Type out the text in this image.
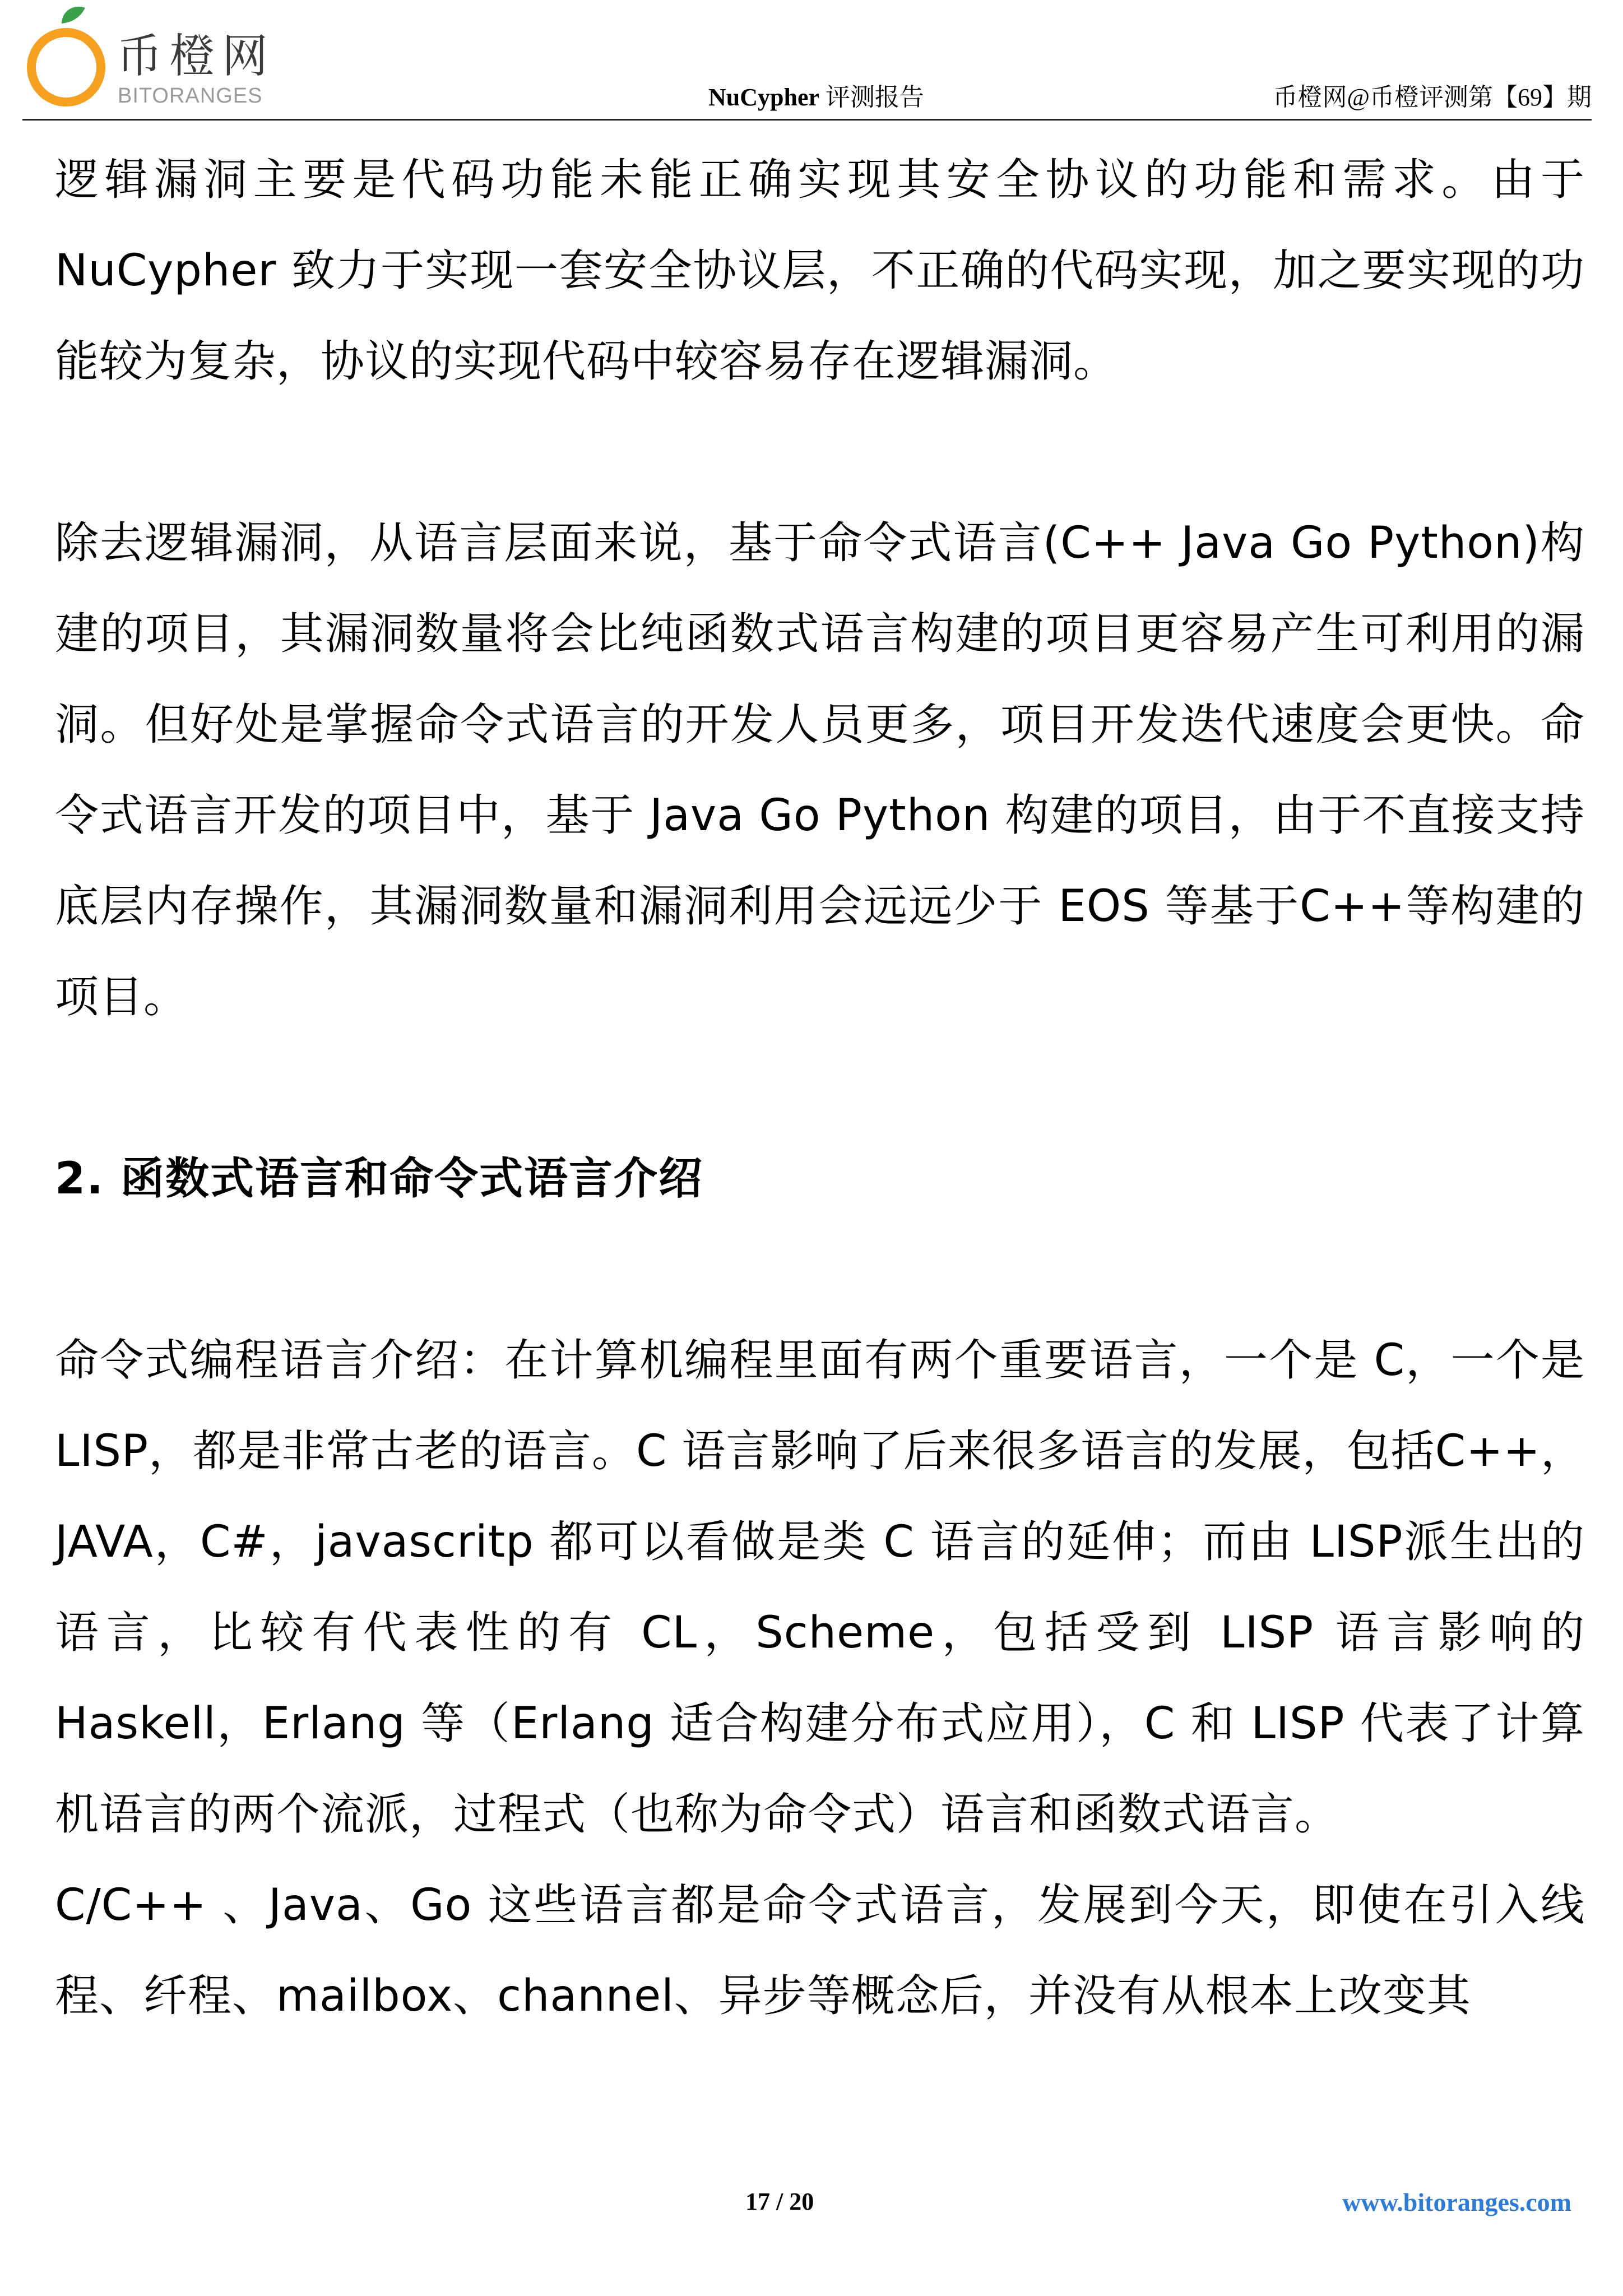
币橙网
BITORANGES	NuCypher 评测报告	币橙网@币橙评测第【69】期

逻辑漏洞主要是代码功能未能正确实现其安全协议的功能和需求。由于 NuCypher 致力于实现一套安全协议层，不正确的代码实现，加之要实现的功能较为复杂，协议的实现代码中较容易存在逻辑漏洞。

除去逻辑漏洞，从语言层面来说，基于命令式语言(C++ Java Go Python)构建的项目，其漏洞数量将会比纯函数式语言构建的项目更容易产生可利用的漏洞。但好处是掌握命令式语言的开发人员更多，项目开发迭代速度会更快。命令式语言开发的项目中，基于 Java Go Python 构建的项目，由于不直接支持底层内存操作，其漏洞数量和漏洞利用会远远少于 EOS 等基于C++等构建的项目。

2. 函数式语言和命令式语言介绍

命令式编程语言介绍：在计算机编程里面有两个重要语言，一个是 C，一个是 LISP，都是非常古老的语言。C 语言影响了后来很多语言的发展，包括C++，JAVA，C#，javascritp 都可以看做是类 C 语言的延伸；而由 LISP派生出的语言，比较有代表性的有 CL，Scheme，包括受到 LISP 语言影响的 Haskell，Erlang 等（Erlang 适合构建分布式应用），C 和 LISP 代表了计算机语言的两个流派，过程式（也称为命令式）语言和函数式语言。

C/C++ 、Java、Go 这些语言都是命令式语言，发展到今天，即使在引入线程、纤程、mailbox、channel、异步等概念后，并没有从根本上改变其

17 / 20	www.bitoranges.com
